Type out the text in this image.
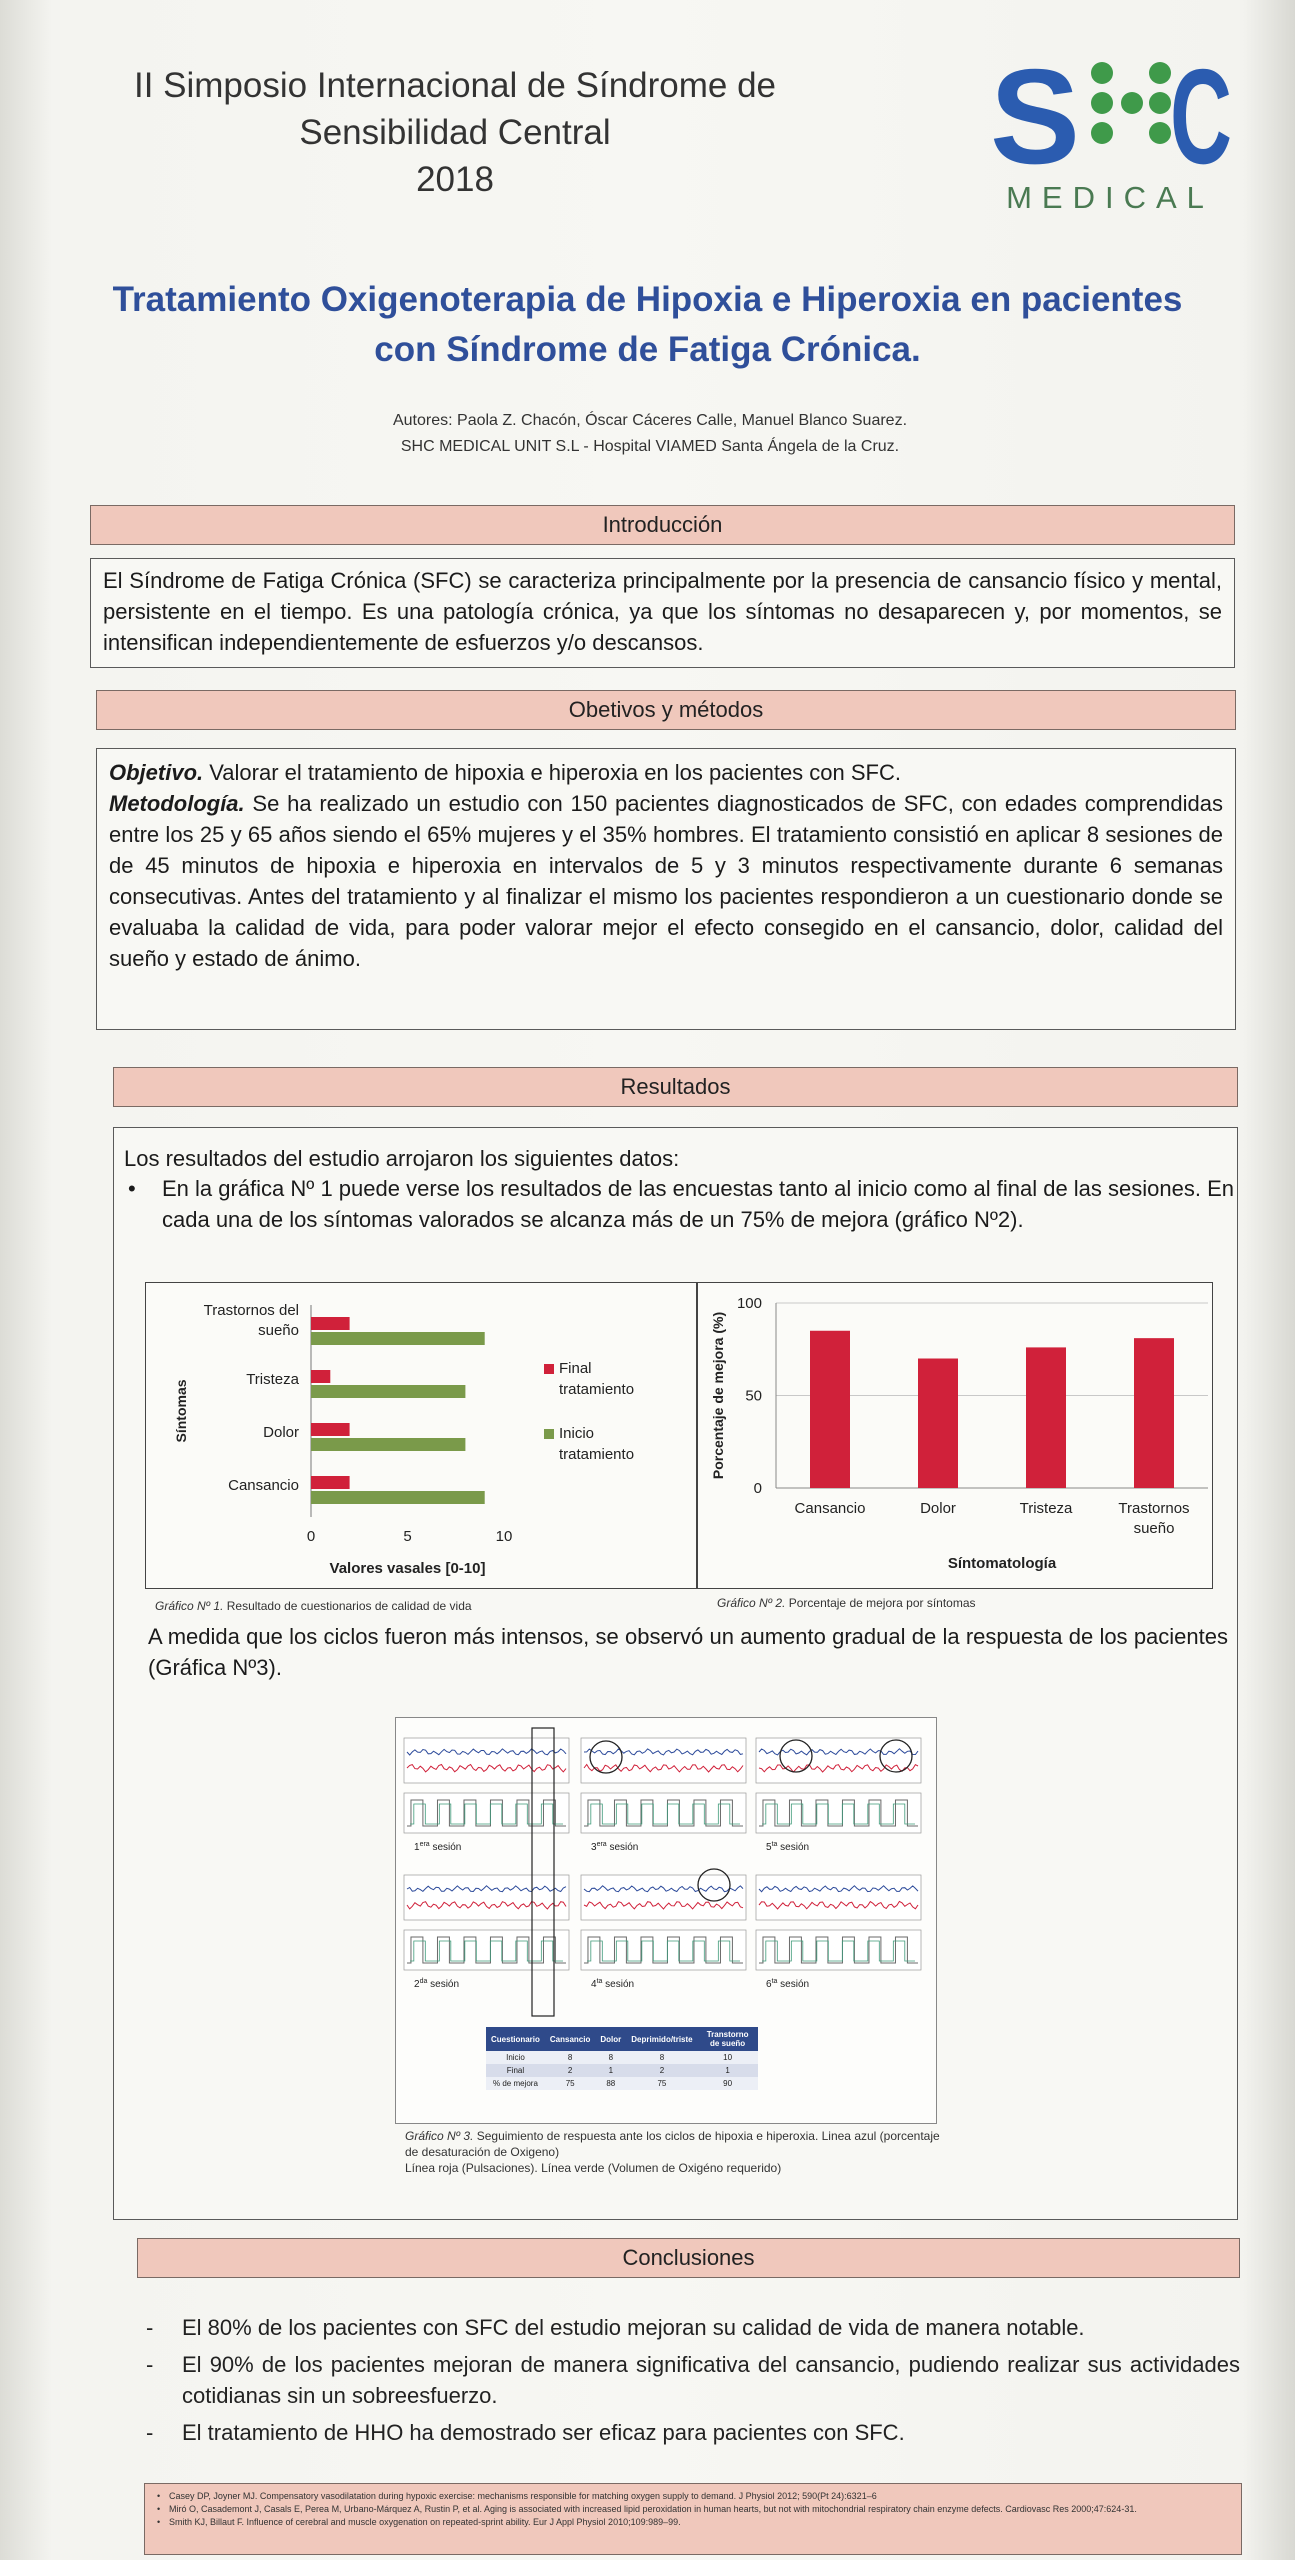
II Simposio Internacional de Síndrome de
Sensibilidad Central
2018	S C
MEDICAL
Tratamiento Oxigenoterapia de Hipoxia e Hiperoxia en pacientes
con Síndrome de Fatiga Crónica.
Autores: Paola Z. Chacón, Óscar Cáceres Calle, Manuel Blanco Suarez.
SHC MEDICAL UNIT S.L - Hospital VIAMED Santa Ángela de la Cruz.
Introducción

El Síndrome de Fatiga Crónica (SFC) se caracteriza principalmente por la presencia de cansancio físico y mental, persistente en el tiempo. Es una patología crónica, ya que los síntomas no desaparecen y, por momentos, se intensifican independientemente de esfuerzos y/o descansos.

Obetivos y métodos

Objetivo. Valorar el tratamiento de hipoxia e hiperoxia en los pacientes con SFC.
Metodología. Se ha realizado un estudio con 150 pacientes diagnosticados de SFC, con edades comprendidas entre los 25 y 65 años siendo el 65% mujeres y el 35% hombres. El tratamiento consistió en aplicar 8 sesiones de de 45 minutos de hipoxia e hiperoxia en intervalos de 5 y 3 minutos respectivamente durante 6 semanas consecutivas. Antes del tratamiento y al finalizar el mismo los pacientes respondieron a un cuestionario donde se evaluaba la calidad de vida, para poder valorar mejor el efecto consegido en el cansancio, dolor, calidad del sueño y estado de ánimo.

Resultados
Los resultados del estudio arrojaron los siguientes datos:
• En la gráfica Nº 1 puede verse los resultados de las encuestas tanto al inicio como al final de las sesiones. En cada una de los síntomas valorados se alcanza más de un 75% de mejora (gráfico Nº2).
Trastornos del
sueño
Tristeza
Dolor
Cansancio
0	5	10
Valores vasales [0-10]
Síntomas
Final
tratamiento
Inicio
tratamiento
0
50
100
Cansancio	Dolor	Tristeza	Trastornos
sueño
Síntomatología
Porcentaje de mejora (%)
Gráfico Nº 1. Resultado de cuestionarios de calidad de vida	Gráfico Nº 2. Porcentaje de mejora por síntomas
A medida que los ciclos fueron más intensos, se observó un aumento gradual de la respuesta de los pacientes (Gráfica Nº3).
$1^{era}$ sesión	$3^{era}$ sesión	$5^{ta}$ sesión
$2^{da}$ sesión	$4^{ta}$ sesión	$6^{ta}$ sesión
Cuestionario	Cansancio	Dolor	Deprimido/triste	Transtorno de sueño
Inicio	8	8	8	10
Final	2	1	2	1
% de mejora	75	88	75	90
Gráfico Nº 3. Seguimiento de respuesta ante los ciclos de hipoxia e hiperoxia. Linea azul (porcentaje de desaturación de Oxigeno)
Línea roja (Pulsaciones). Línea verde (Volumen de Oxigéno requerido)
Conclusiones
- El 80% de los pacientes con SFC del estudio mejoran su calidad de vida de manera notable.
- El 90% de los pacientes mejoran de manera significativa del cansancio, pudiendo realizar sus actividades cotidianas sin un sobreesfuerzo.
- El tratamiento de HHO ha demostrado ser eficaz para pacientes con SFC.
• Casey DP, Joyner MJ. Compensatory vasodilatation during hypoxic exercise: mechanisms responsible for matching oxygen supply to demand. J Physiol 2012; 590(Pt 24):6321–6
• Miró O, Casademont J, Casals E, Perea M, Urbano-Márquez A, Rustin P, et al. Aging is associated with increased lipid peroxidation in human hearts, but not with mitochondrial respiratory chain enzyme defects. Cardiovasc Res 2000;47:624-31.
• Smith KJ, Billaut F. Influence of cerebral and muscle oxygenation on repeated-sprint ability. Eur J Appl Physiol 2010;109:989–99.
